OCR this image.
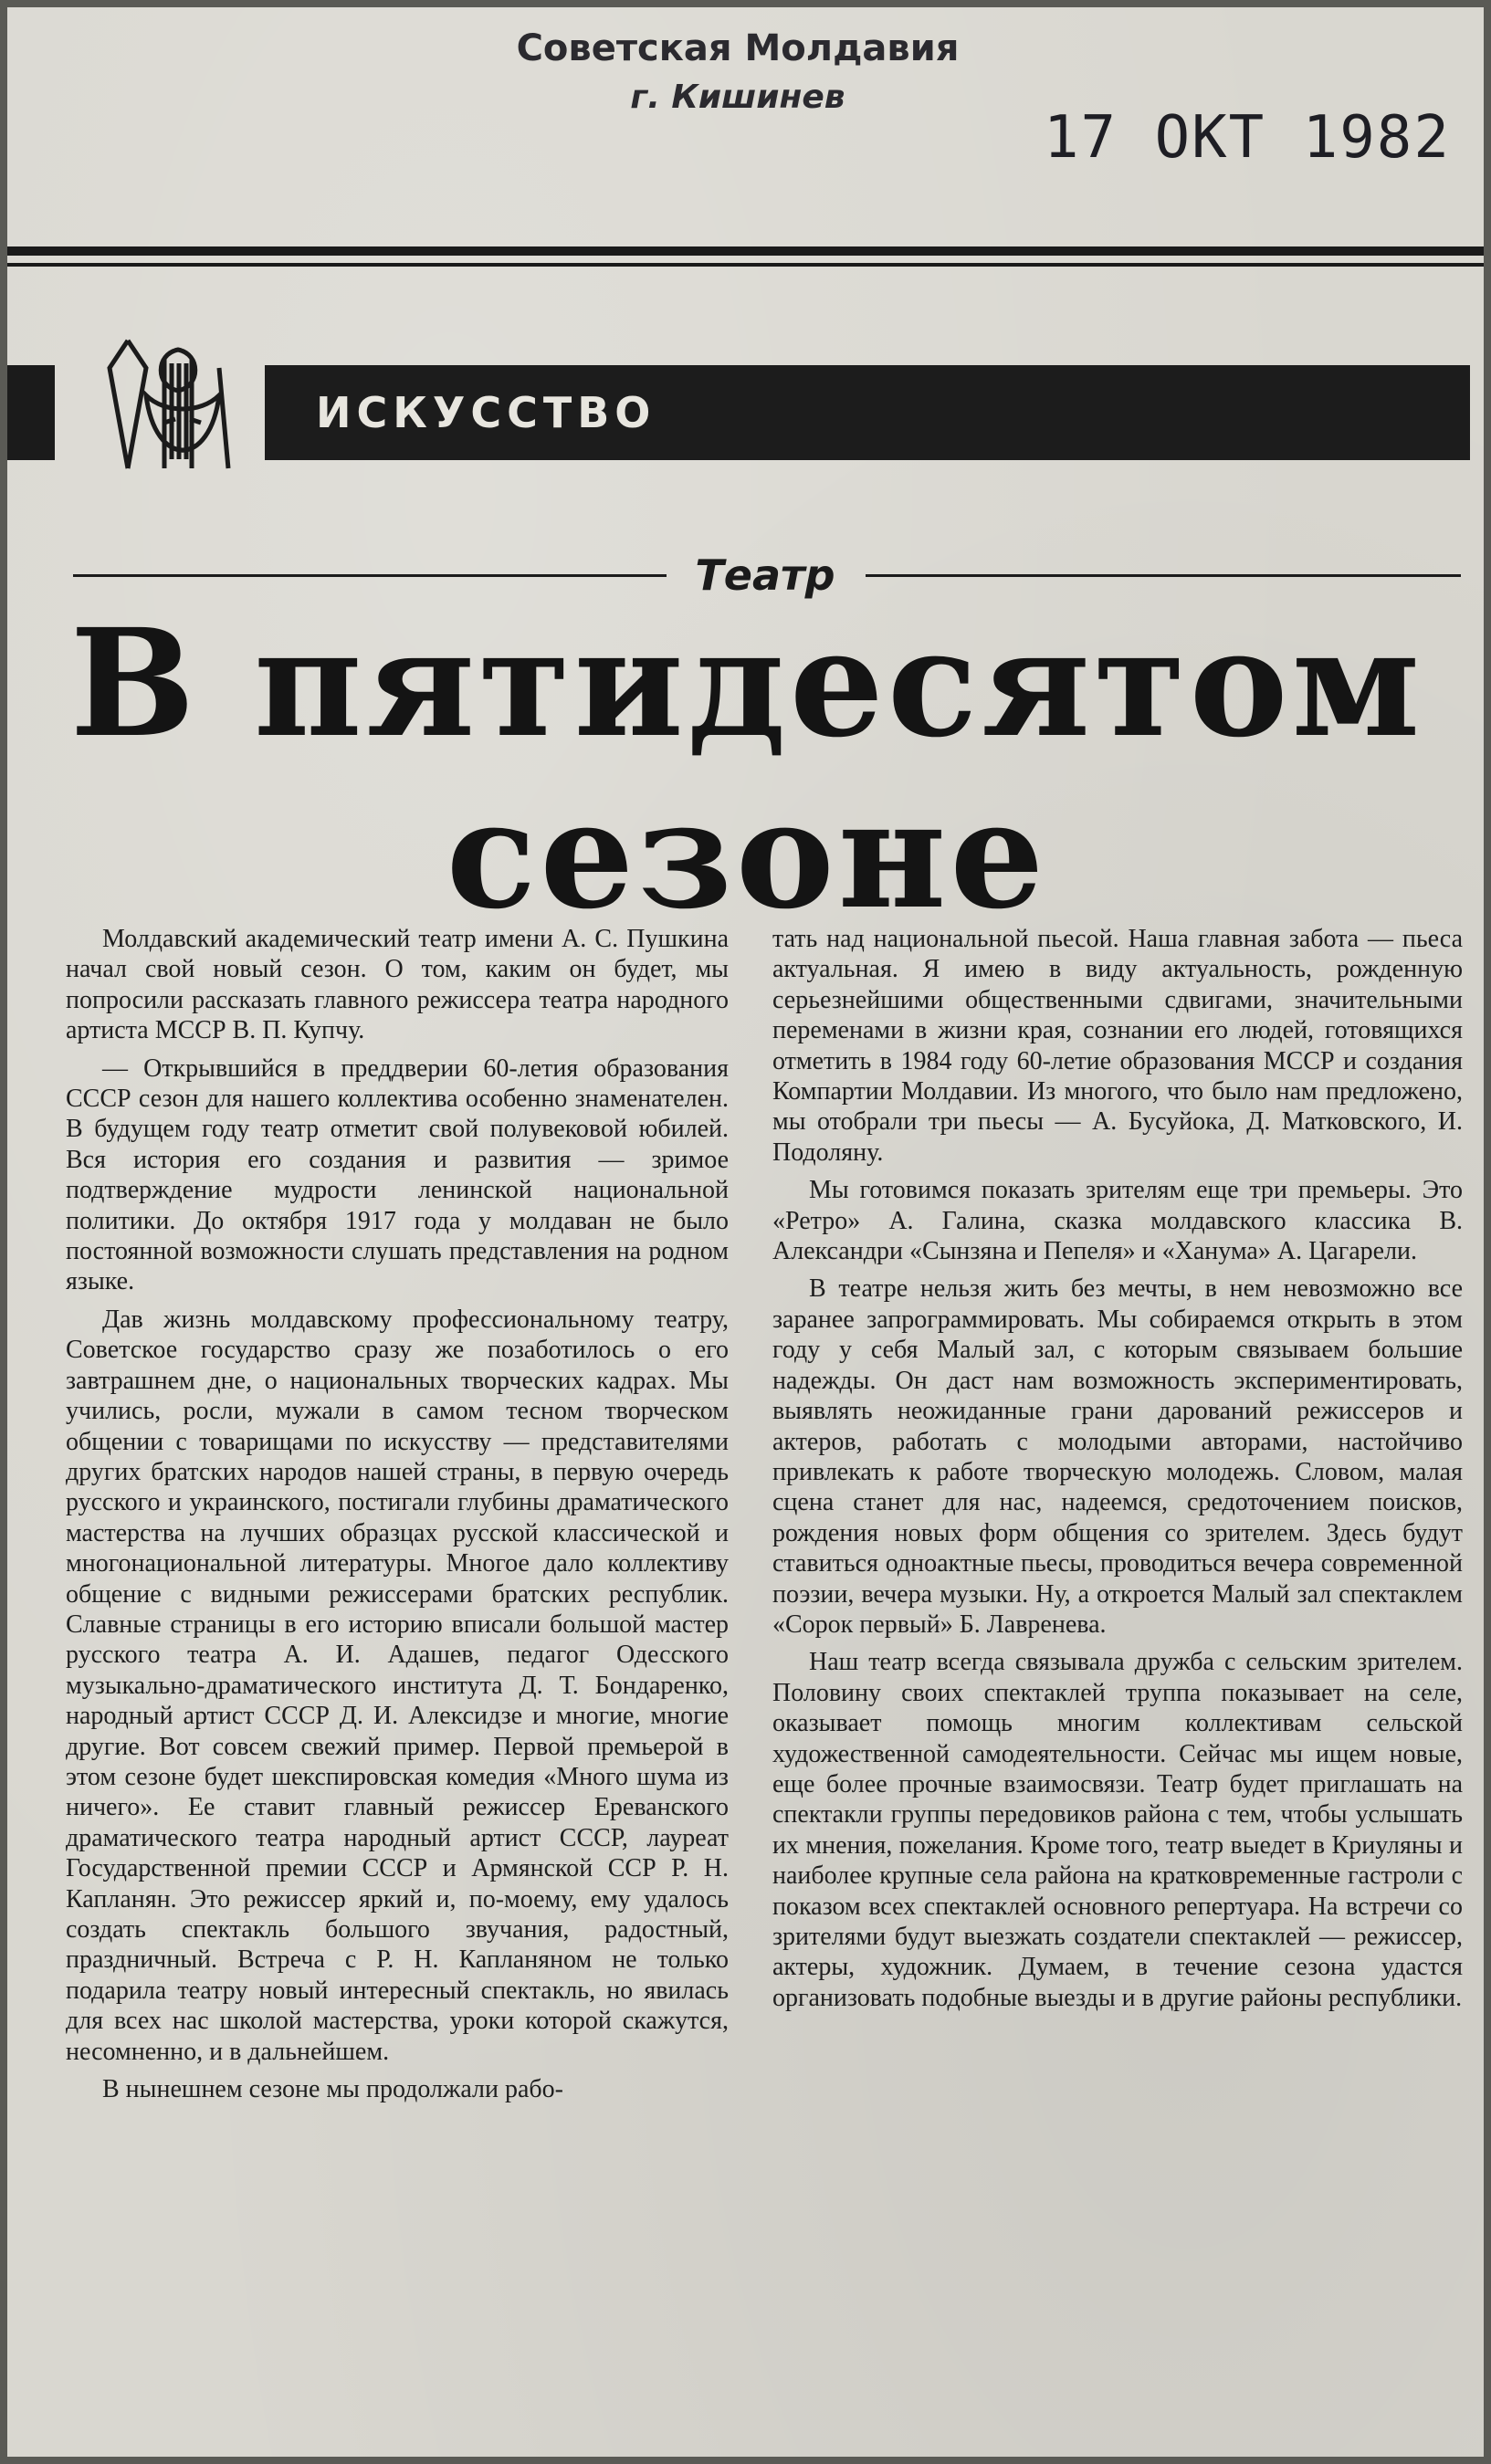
Советская Молдавия
г. Кишинев
17 ОКТ 1982
ИСКУССТВО
Театр
В пятидесятом
сезоне

Молдавский академический театр имени А. С. Пушкина начал свой новый сезон. О том, каким он будет, мы попросили рассказать главного режиссера театра народного артиста МССР В. П. Купчу.

— Открывшийся в преддверии 60-летия образования СССР сезон для нашего коллектива особенно знаменателен. В будущем году театр отметит свой полувековой юбилей. Вся история его создания и развития — зримое подтверждение мудрости ленинской национальной политики. До октября 1917 года у молдаван не было постоянной возможности слушать представления на родном языке.

Дав жизнь молдавскому профессиональному театру, Советское государство сразу же позаботилось о его завтрашнем дне, о национальных творческих кадрах. Мы учились, росли, мужали в самом тесном творческом общении с товарищами по искусству — представителями других братских народов нашей страны, в первую очередь русского и украинского, постигали глубины драматического мастерства на лучших образцах русской классической и многонациональной литературы. Многое дало коллективу общение с видными режиссерами братских республик. Славные страницы в его историю вписали большой мастер русского театра А. И. Адашев, педагог Одесского музыкально-драматического института Д. Т. Бондаренко, народный артист СССР Д. И. Алексидзе и многие, многие другие. Вот совсем свежий пример. Первой премьерой в этом сезоне будет шекспировская комедия «Много шума из ничего». Ее ставит главный режиссер Ереванского драматического театра народный артист СССР, лауреат Государственной премии СССР и Армянской ССР Р. Н. Капланян. Это режиссер яркий и, по-моему, ему удалось создать спектакль большого звучания, радостный, праздничный. Встреча с Р. Н. Капланяном не только подарила театру новый интересный спектакль, но явилась для всех нас школой мастерства, уроки которой скажутся, несомненно, и в дальнейшем.

В нынешнем сезоне мы продолжали рабо-

тать над национальной пьесой. Наша главная забота — пьеса актуальная. Я имею в виду актуальность, рожденную серьезнейшими общественными сдвигами, значительными переменами в жизни края, сознании его людей, готовящихся отметить в 1984 году 60-летие образования МССР и создания Компартии Молдавии. Из многого, что было нам предложено, мы отобрали три пьесы — А. Бусуйока, Д. Матковского, И. Подоляну.

Мы готовимся показать зрителям еще три премьеры. Это «Ретро» А. Галина, сказка молдавского классика В. Александри «Сынзяна и Пепеля» и «Ханума» А. Цагарели.

В театре нельзя жить без мечты, в нем невозможно все заранее запрограммировать. Мы собираемся открыть в этом году у себя Малый зал, с которым связываем большие надежды. Он даст нам возможность экспериментировать, выявлять неожиданные грани дарований режиссеров и актеров, работать с молодыми авторами, настойчиво привлекать к работе творческую молодежь. Словом, малая сцена станет для нас, надеемся, средоточением поисков, рождения новых форм общения со зрителем. Здесь будут ставиться одноактные пьесы, проводиться вечера современной поэзии, вечера музыки. Ну, а откроется Малый зал спектаклем «Сорок первый» Б. Лавренева.

Наш театр всегда связывала дружба с сельским зрителем. Половину своих спектаклей труппа показывает на селе, оказывает помощь многим коллективам сельской художественной самодеятельности. Сейчас мы ищем новые, еще более прочные взаимосвязи. Театр будет приглашать на спектакли группы передовиков района с тем, чтобы услышать их мнения, пожелания. Кроме того, театр выедет в Криуляны и наиболее крупные села района на кратковременные гастроли с показом всех спектаклей основного репертуара. На встречи со зрителями будут выезжать создатели спектаклей — режиссер, актеры, художник. Думаем, в течение сезона удастся организовать подобные выезды и в другие районы республики.
